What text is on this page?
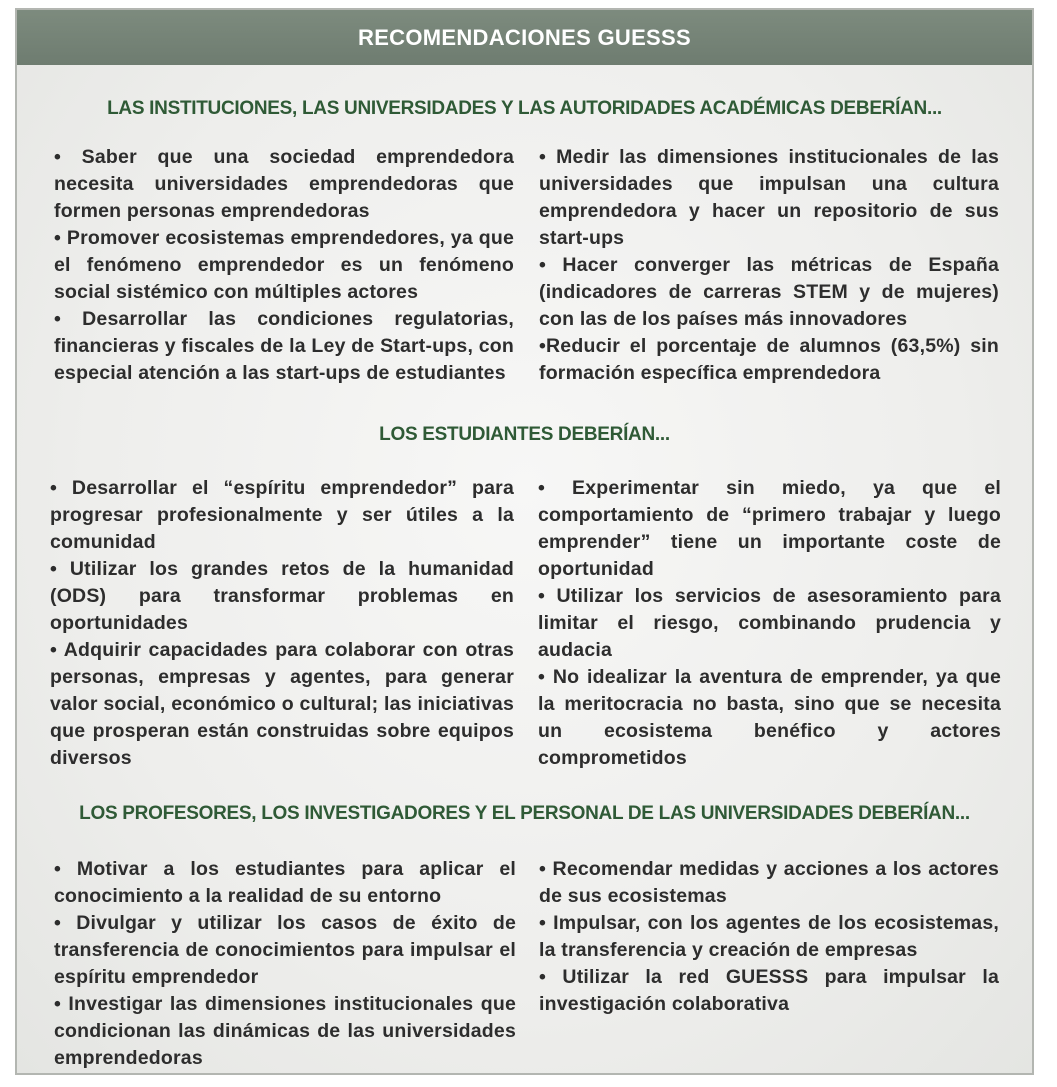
RECOMENDACIONES GUESSS
LAS INSTITUCIONES, LAS UNIVERSIDADES Y LAS AUTORIDADES ACADÉMICAS DEBERÍAN...

• Saber que una sociedad emprendedora necesita universidades emprendedoras que formen personas emprendedoras

• Promover ecosistemas emprendedores, ya que el fenómeno emprendedor es un fenómeno social sistémico con múltiples actores

• Desarrollar las condiciones regulatorias, financieras y fiscales de la Ley de Start-ups, con especial atención a las start-ups de estudiantes

• Medir las dimensiones institucionales de las universidades que impulsan una cultura emprendedora y hacer un repositorio de sus start-ups

• Hacer converger las métricas de España (indicadores de carreras STEM y de mujeres) con las de los países más innovadores

•Reducir el porcentaje de alumnos (63,5%) sin formación específica emprendedora

LOS ESTUDIANTES DEBERÍAN...

• Desarrollar el “espíritu emprendedor” para progresar profesionalmente y ser útiles a la comunidad

• Utilizar los grandes retos de la humanidad (ODS) para transformar problemas en oportunidades

• Adquirir capacidades para colaborar con otras personas, empresas y agentes, para generar valor social, económico o cultural; las iniciativas que prosperan están construidas sobre equipos diversos

• Experimentar sin miedo, ya que el comportamiento de “primero trabajar y luego emprender” tiene un importante coste de oportunidad

• Utilizar los servicios de asesoramiento para limitar el riesgo, combinando prudencia y audacia

• No idealizar la aventura de emprender, ya que la meritocracia no basta, sino que se necesita un ecosistema benéfico y actores comprometidos

LOS PROFESORES, LOS INVESTIGADORES Y EL PERSONAL DE LAS UNIVERSIDADES DEBERÍAN...

• Motivar a los estudiantes para aplicar el conocimiento a la realidad de su entorno

• Divulgar y utilizar los casos de éxito de transferencia de conocimientos para impulsar el espíritu emprendedor

• Investigar las dimensiones institucionales que condicionan las dinámicas de las universidades emprendedoras

• Recomendar medidas y acciones a los actores de sus ecosistemas

• Impulsar, con los agentes de los ecosistemas, la transferencia y creación de empresas

• Utilizar la red GUESSS para impulsar la investigación colaborativa
